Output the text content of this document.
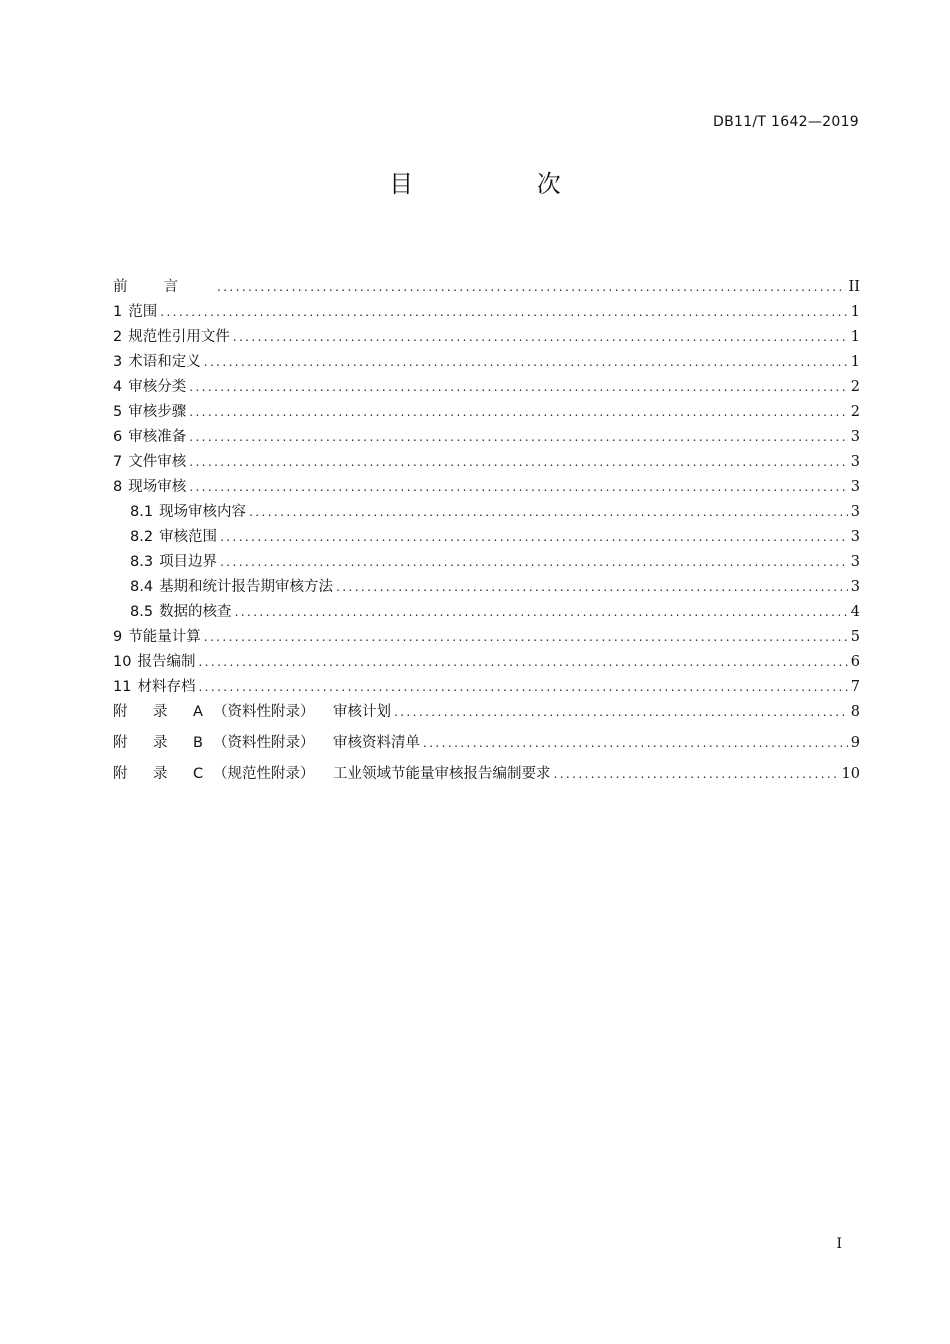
DB11/T 1642—2019
目 次
前言 .....	II
1 范围 .....	1
2 规范性引用文件 .....	1
3 术语和定义 .....	1
4 审核分类 .....	2
5 审核步骤 .....	2
6 审核准备 .....	3
7 文件审核 .....	3
8 现场审核 .....	3
8.1 现场审核内容 .....	3
8.2 审核范围 .....	3
8.3 项目边界 .....	3
8.4 基期和统计报告期审核方法 .....	3
8.5 数据的核查 .....	4
9 节能量计算 .....	5
10 报告编制 .....	6
11 材料存档 .....	7
附 录 A （资料性附录）	审核计划 .....	8
附 录 B （资料性附录）	审核资料清单 .....	9
附 录 C （规范性附录）	工业领域节能量审核报告编制要求 .....	10
I
